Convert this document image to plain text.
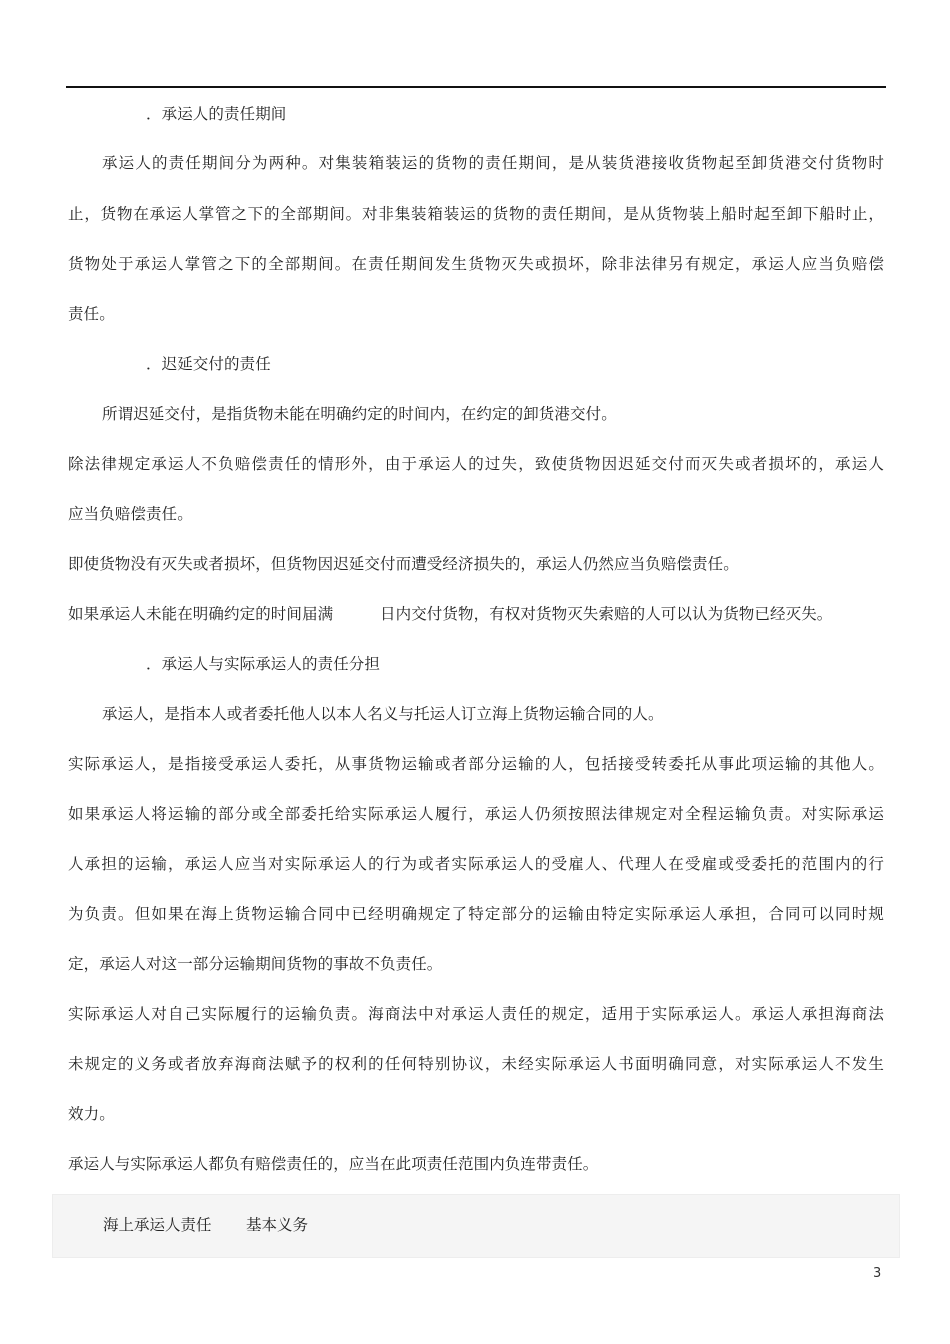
．承运人的责任期间
承运人的责任期间分为两种。对集装箱装运的货物的责任期间，是从装货港接收货物起至卸货港交付货物时
止，货物在承运人掌管之下的全部期间。对非集装箱装运的货物的责任期间，是从货物装上船时起至卸下船时止，
货物处于承运人掌管之下的全部期间。在责任期间发生货物灭失或损坏，除非法律另有规定，承运人应当负赔偿
责任。
．迟延交付的责任
所谓迟延交付，是指货物未能在明确约定的时间内，在约定的卸货港交付。
除法律规定承运人不负赔偿责任的情形外，由于承运人的过失，致使货物因迟延交付而灭失或者损坏的，承运人
应当负赔偿责任。
即使货物没有灭失或者损坏，但货物因迟延交付而遭受经济损失的，承运人仍然应当负赔偿责任。
如果承运人未能在明确约定的时间届满	日内交付货物，有权对货物灭失索赔的人可以认为货物已经灭失。
．承运人与实际承运人的责任分担
承运人，是指本人或者委托他人以本人名义与托运人订立海上货物运输合同的人。
实际承运人，是指接受承运人委托，从事货物运输或者部分运输的人，包括接受转委托从事此项运输的其他人。
如果承运人将运输的部分或全部委托给实际承运人履行，承运人仍须按照法律规定对全程运输负责。对实际承运
人承担的运输，承运人应当对实际承运人的行为或者实际承运人的受雇人、代理人在受雇或受委托的范围内的行
为负责。但如果在海上货物运输合同中已经明确规定了特定部分的运输由特定实际承运人承担，合同可以同时规
定，承运人对这一部分运输期间货物的事故不负责任。
实际承运人对自己实际履行的运输负责。海商法中对承运人责任的规定，适用于实际承运人。承运人承担海商法
未规定的义务或者放弃海商法赋予的权利的任何特别协议，未经实际承运人书面明确同意，对实际承运人不发生
效力。
承运人与实际承运人都负有赔偿责任的，应当在此项责任范围内负连带责任。
海上承运人责任 基本义务
3
